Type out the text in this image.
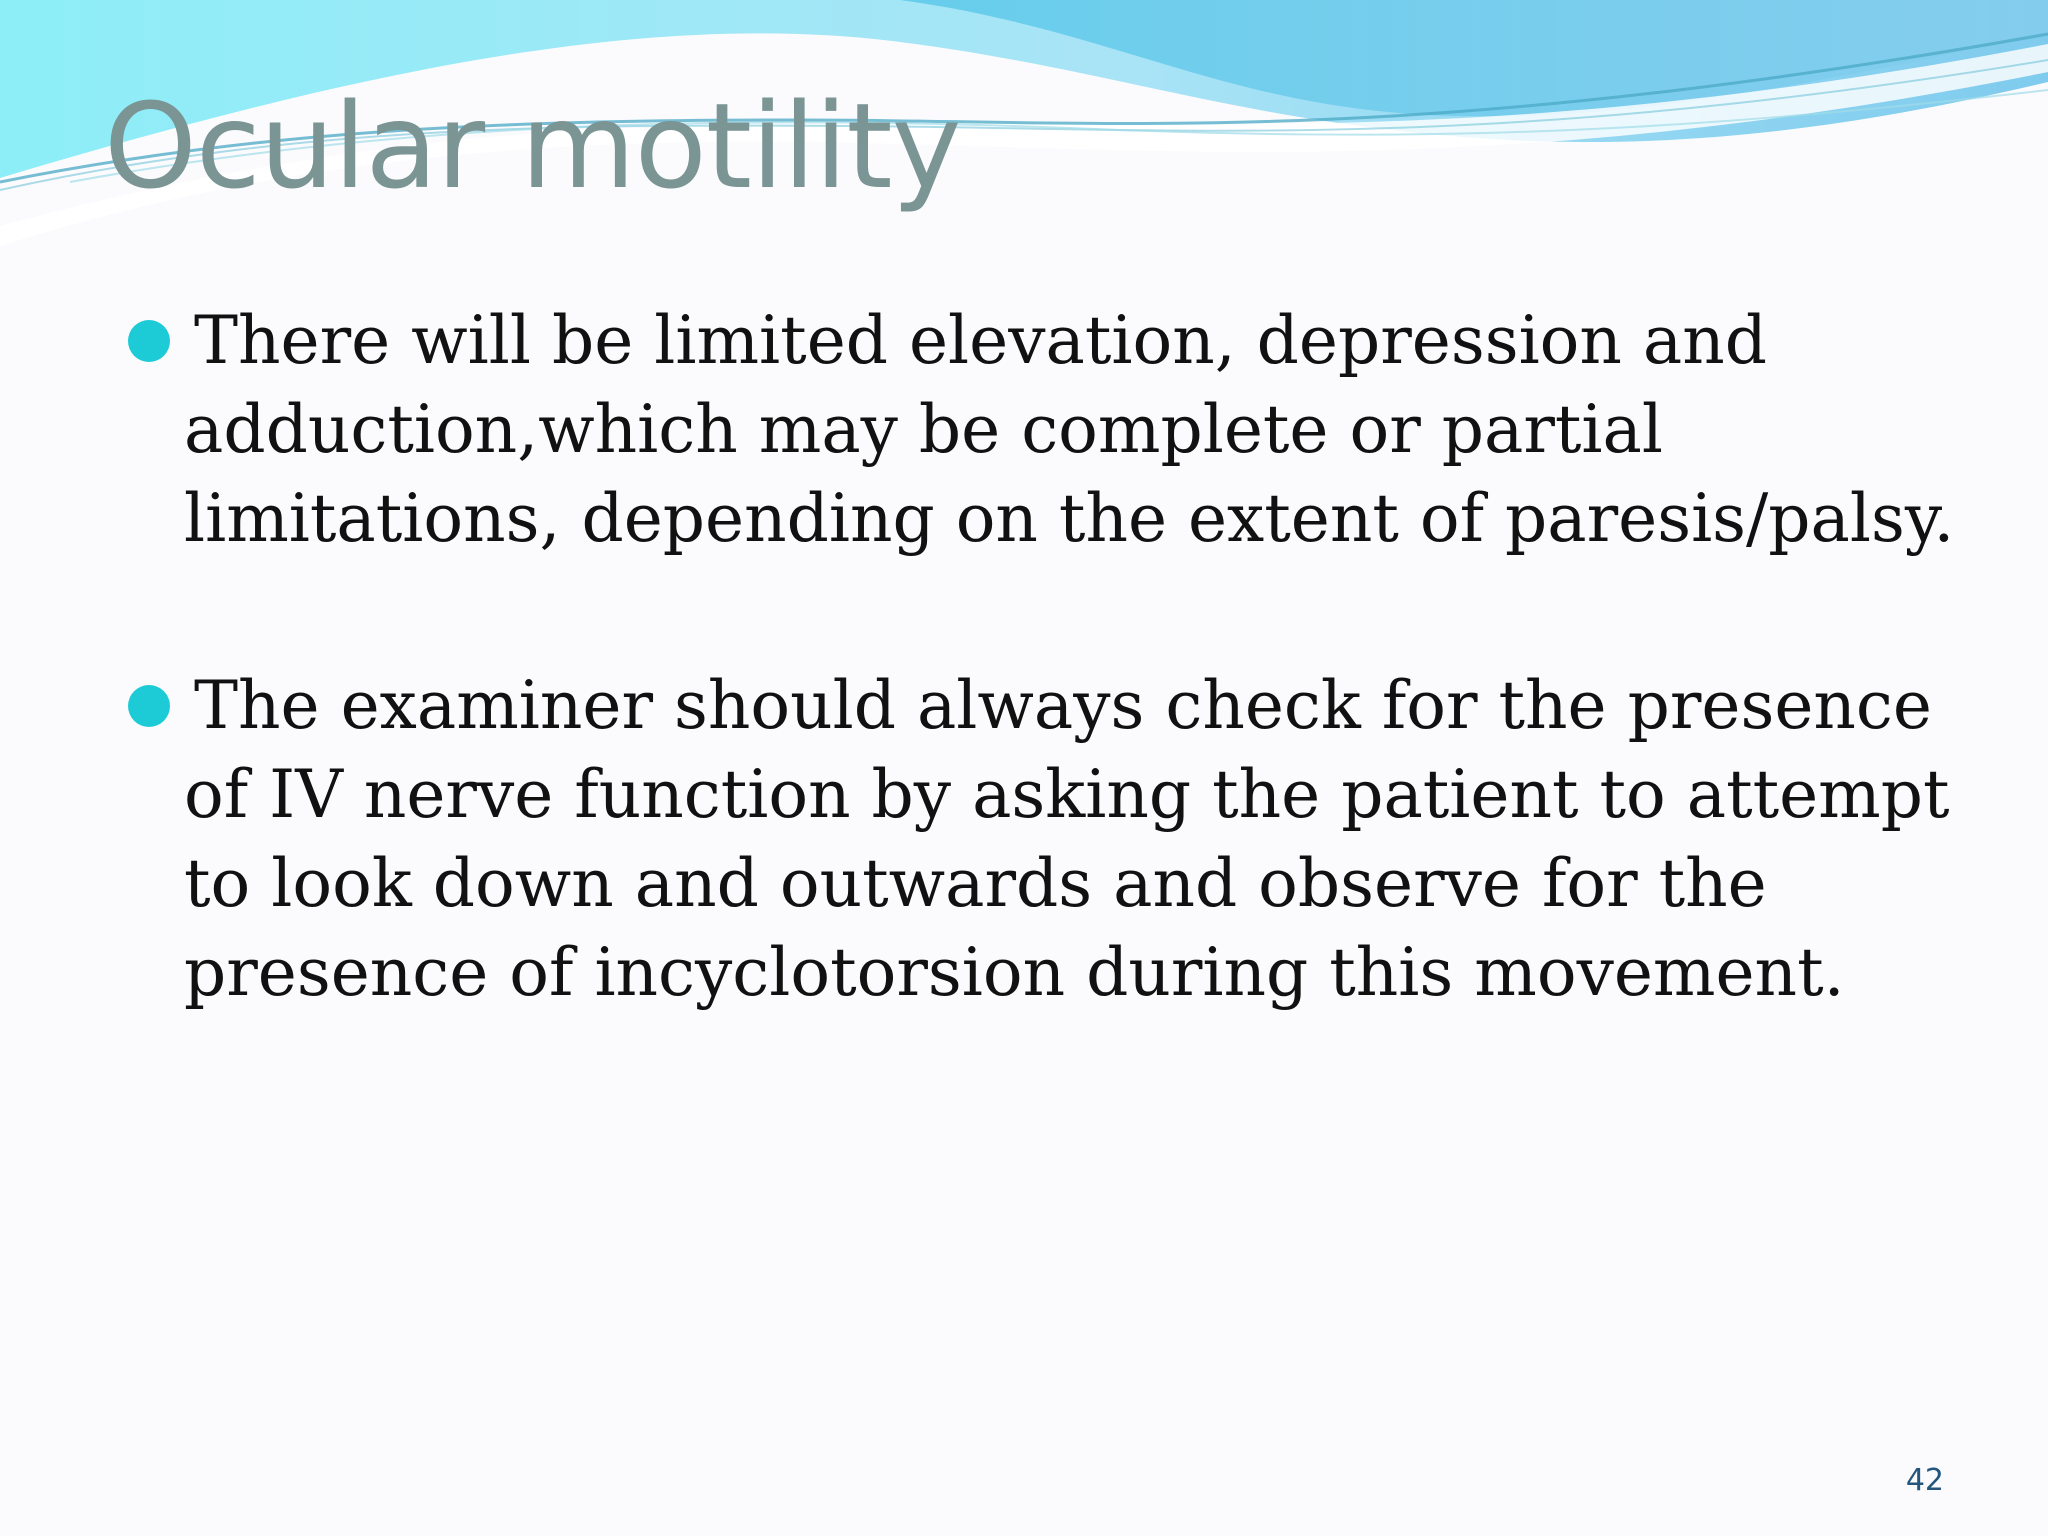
Ocular motility
There will be limited elevation, depression and adduction,which may be complete or partial limitations, depending on the extent of paresis/palsy.
The examiner should always check for the presence of IV nerve function by asking the patient to attempt to look down and outwards and observe for the presence of incyclotorsion during this movement.
42
